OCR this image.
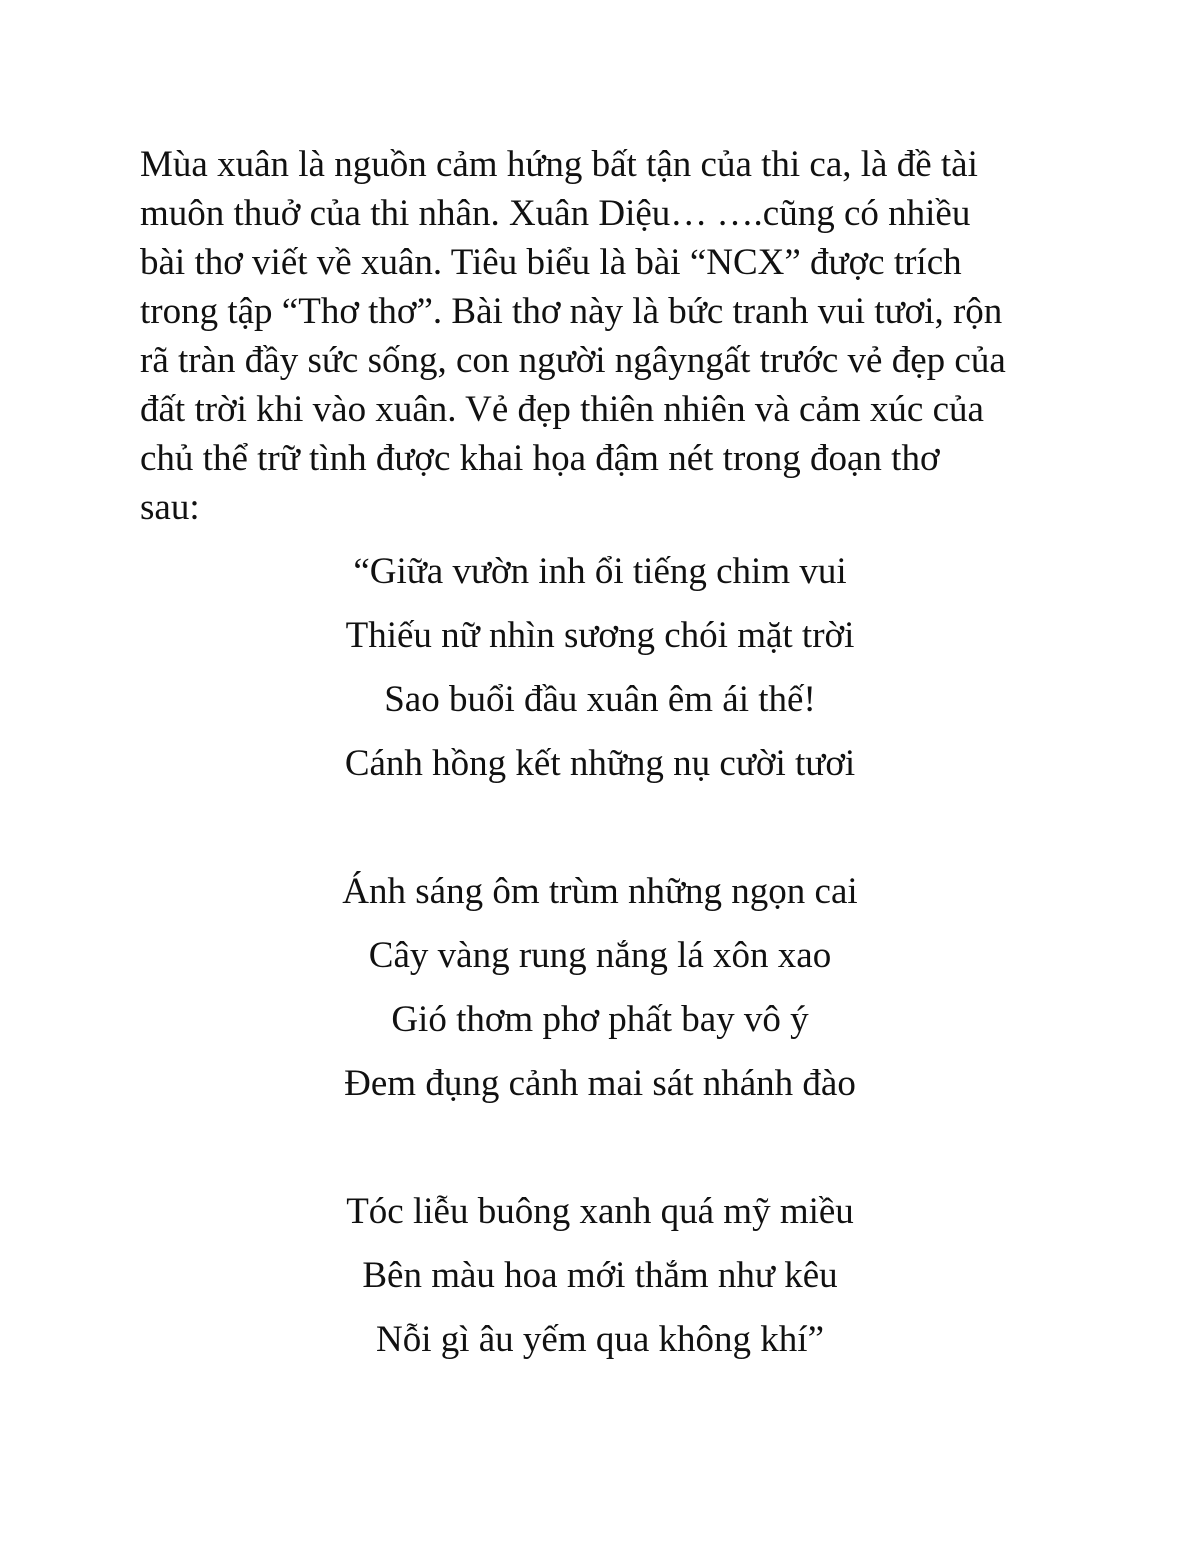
Mùa xuân là nguồn cảm hứng bất tận của thi ca, là đề tài
muôn thuở của thi nhân. Xuân Diệu… ….cũng có nhiều
bài thơ viết về xuân. Tiêu biểu là bài “NCX” được trích
trong tập “Thơ thơ”. Bài thơ này là bức tranh vui tươi, rộn
rã tràn đầy sức sống, con người ngâyngất trước vẻ đẹp của
đất trời khi vào xuân. Vẻ đẹp thiên nhiên và cảm xúc của
chủ thể trữ tình được khai họa đậm nét trong đoạn thơ
sau:

“Giữa vườn inh ổi tiếng chim vui
Thiếu nữ nhìn sương chói mặt trời
Sao buổi đầu xuân êm ái thế!
Cánh hồng kết những nụ cười tươi
Ánh sáng ôm trùm những ngọn cai
Cây vàng rung nắng lá xôn xao
Gió thơm phơ phất bay vô ý
Đem đụng cảnh mai sát nhánh đào
Tóc liễu buông xanh quá mỹ miều
Bên màu hoa mới thắm như kêu
Nỗi gì âu yếm qua không khí”
